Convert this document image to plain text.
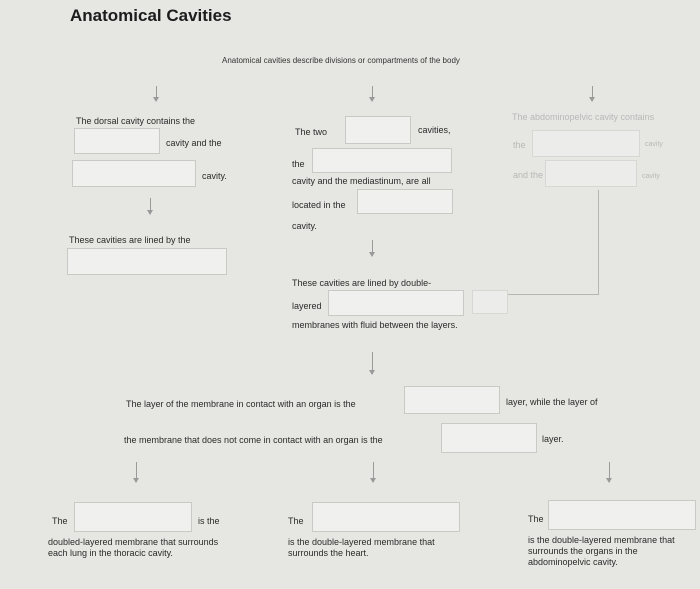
Anatomical Cavities
Anatomical cavities describe divisions or compartments of the body
The dorsal cavity contains the
cavity and the
cavity.
These cavities are lined by the
The two	cavities,
the
cavity and the mediastinum, are all
located in the
cavity.
These cavities are lined by double-
layered
membranes with fluid between the layers.
The abdominopelvic cavity contains
the	cavity
and the	cavity
The layer of the membrane in contact with an organ is the	layer, while the layer of
the membrane that does not come in contact with an organ is the	layer.
The	is the
doubled-layered membrane that surrounds each lung in the thoracic cavity.
The
is the double-layered membrane that surrounds the heart.
The
is the double-layered membrane that surrounds the organs in the abdominopelvic cavity.
